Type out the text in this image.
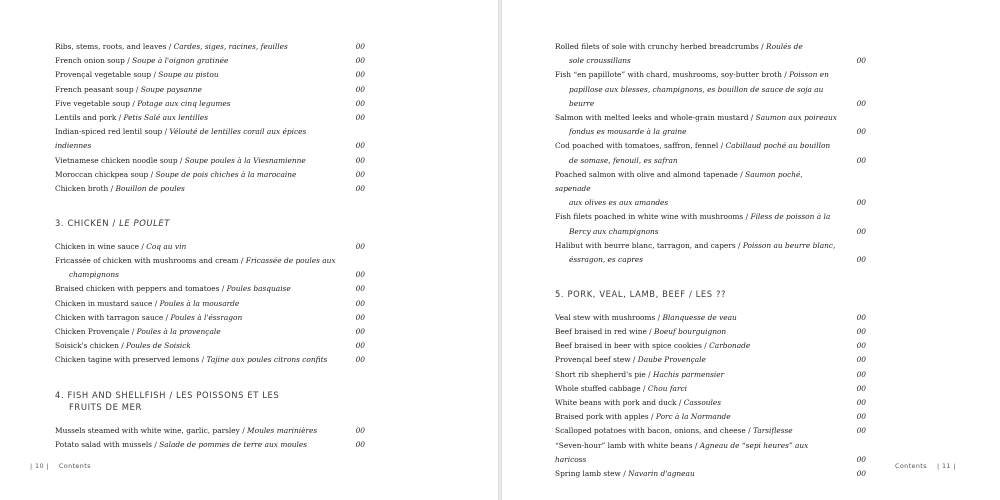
Ribs, stems, roots, and leaves / Cardes, siges, racines, feuilles	00
French onion soup / Soupe à l'oignon gratinée	00
Provençal vegetable soup / Soupe au pistou	00
French peasant soup / Soupe paysanne	00
Five vegetable soup / Potage aux cinq legumes	00
Lentils and pork / Petis Salé aux lentilles	00
Indian-spiced red lentil soup / Vélouté de lentilles corail aux épices indiennes	00
Vietnamese chicken noodle soup / Soupe poules à la Viesnamienne	00
Moroccan chickpea soup / Soupe de pois chiches à la marocaine	00
Chicken broth / Bouillon de poules	00
3. CHICKEN / LE POULET
Chicken in wine sauce / Coq au vin	00
Fricassée of chicken with mushrooms and cream / Fricassée de poules aux
champignons	00
Braised chicken with peppers and tomatoes / Poules basquaise	00
Chicken in mustard sauce / Poules à la mousarde	00
Chicken with tarragon sauce / Poules à l'éssragon	00
Chicken Provençale / Poules à la provençale	00
Soisick's chicken / Poules de Soisick	00
Chicken tagine with preserved lemons / Tajine aux poules citrons confits	00
4. FISH AND SHELLFISH / LES POISSONS ET LES
FRUITS DE MER
Mussels steamed with white wine, garlic, parsley / Moules marinières	00
Potato salad with mussels / Salade de pommes de terre aux moules	00
| 10 | Contents
Rolled filets of sole with crunchy herbed breadcrumbs / Roulés de
sole croussillans	00
Fish “en papillote” with chard, mushrooms, soy-butter broth / Poisson en
papillose aux blesses, champignons, es bouillon de sauce de soja au beurre	00
Salmon with melted leeks and whole-grain mustard / Saumon aux poireaux
fondus es mousarde à la graine	00
Cod poached with tomatoes, saffron, fennel / Cabillaud poché au bouillon
de somase, fenouil, es safran	00
Poached salmon with olive and almond tapenade / Saumon poché, sapenade
aux olives es aux amandes	00
Fish filets poached in white wine with mushrooms / Filess de poisson à la
Bercy aux champignons	00
Halibut with beurre blanc, tarragon, and capers / Poisson au beurre blanc,
éssragon, es capres	00
5. PORK, VEAL, LAMB, BEEF / LES ??
Veal stew with mushrooms / Blanquesse de veau	00
Beef braised in red wine / Boeuf bourguignon	00
Beef braised in beer with spice cookies / Carbonade	00
Provençal beef stew / Daube Provençale	00
Short rib shepherd's pie / Hachis parmensier	00
Whole stuffed cabbage / Chou farci	00
White beans with pork and duck / Cassoules	00
Braised pork with apples / Porc à la Normande	00
Scalloped potatoes with bacon, onions, and cheese / Tarsiflesse	00
“Seven-hour” lamb with white beans / Agneau de “sepi heures” aux haricoss	00
Spring lamb stew / Navarin d'agneau	00
Contents | 11 |
